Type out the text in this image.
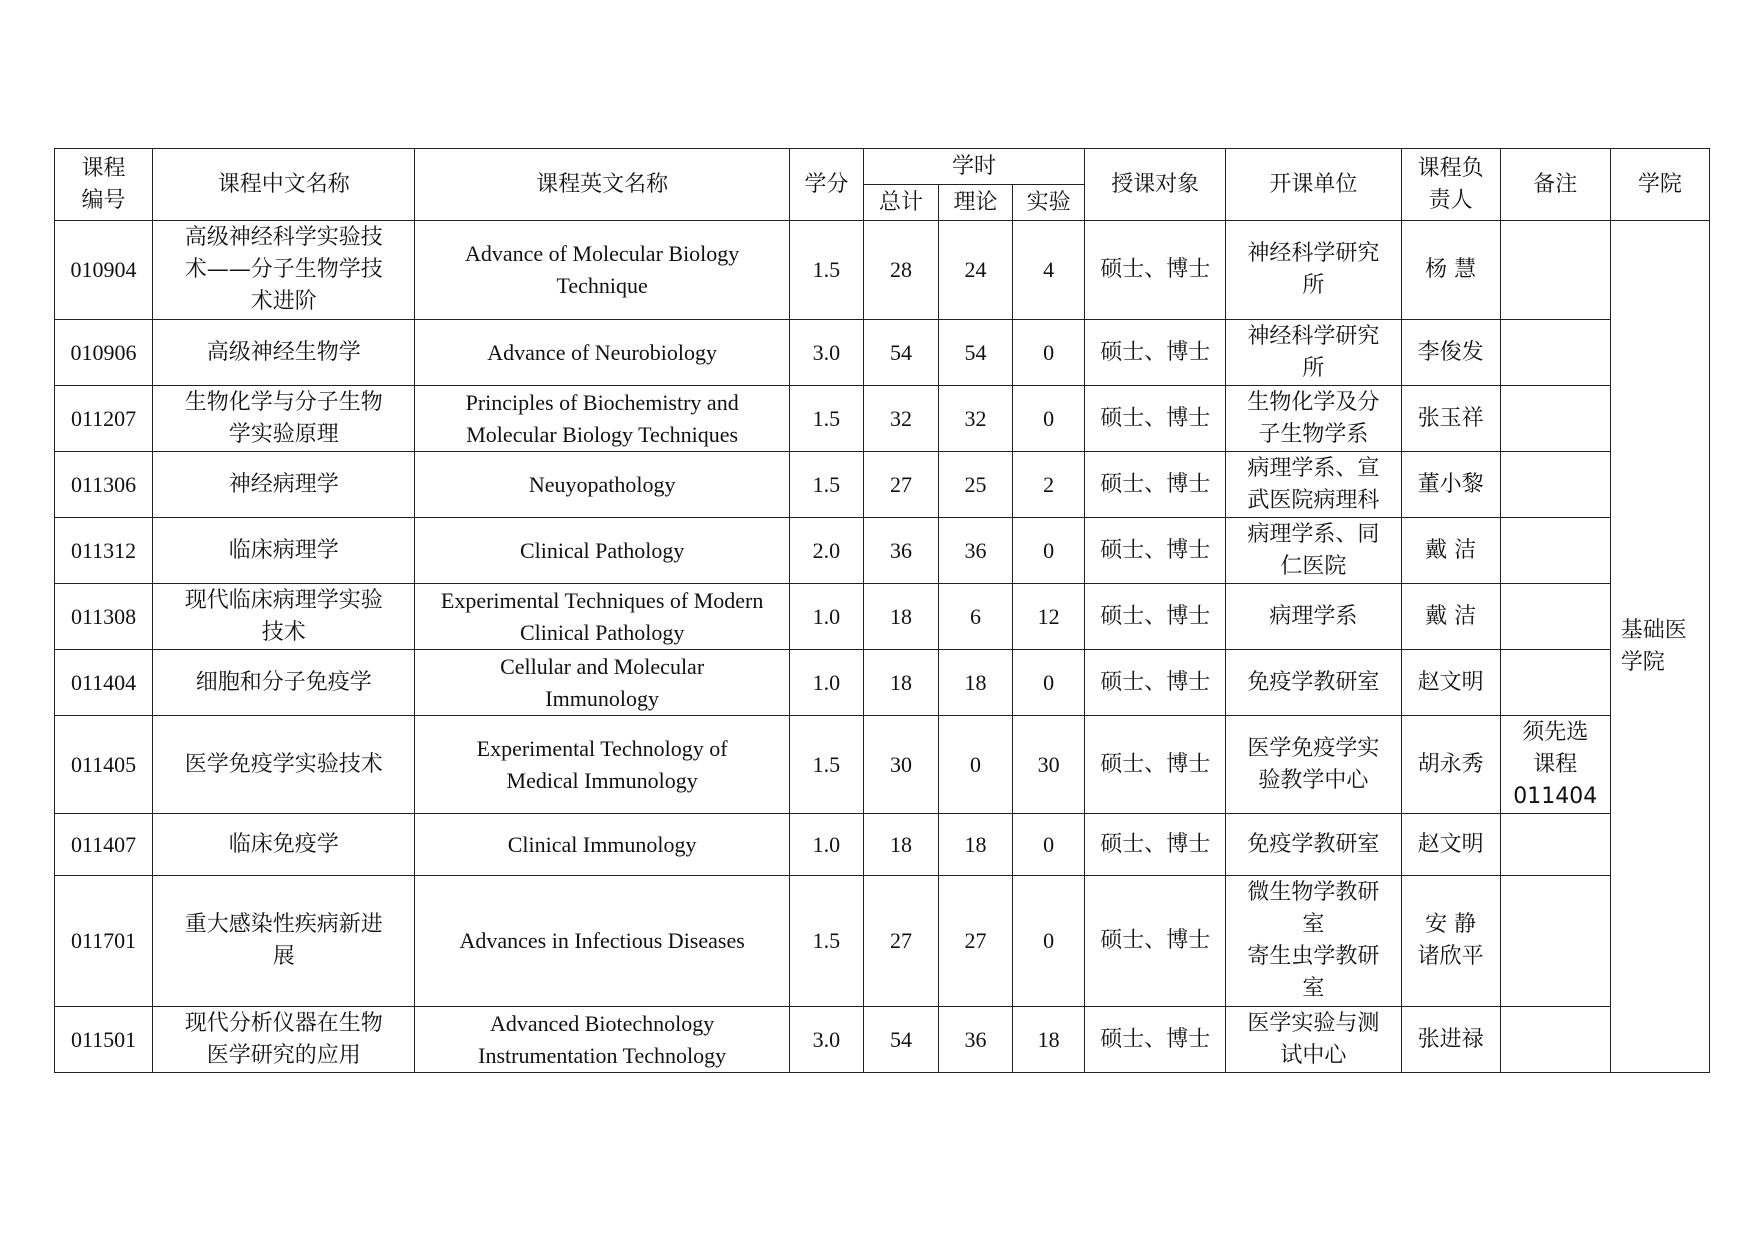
课程
编号	课程中文名称	课程英文名称	学分	学时			授课对象	开课单位	课程负
责人	备注	学院
				总计	理论	实验					
010904	高级神经科学实验技
术——分子生物学技
术进阶	Advance of Molecular Biology
Technique	1.5	28	24	4	硕士、博士	神经科学研究
所	杨 慧		基础医
学院
010906	高级神经生物学	Advance of Neurobiology	3.0	54	54	0	硕士、博士	神经科学研究
所	李俊发		
011207	生物化学与分子生物
学实验原理	Principles of Biochemistry and
Molecular Biology Techniques	1.5	32	32	0	硕士、博士	生物化学及分
子生物学系	张玉祥		
011306	神经病理学	Neuyopathology	1.5	27	25	2	硕士、博士	病理学系、宣
武医院病理科	董小黎		
011312	临床病理学	Clinical Pathology	2.0	36	36	0	硕士、博士	病理学系、同
仁医院	戴 洁		
011308	现代临床病理学实验
技术	Experimental Techniques of Modern
Clinical Pathology	1.0	18	6	12	硕士、博士	病理学系	戴 洁		
011404	细胞和分子免疫学	Cellular and Molecular
Immunology	1.0	18	18	0	硕士、博士	免疫学教研室	赵文明		
011405	医学免疫学实验技术	Experimental Technology of
Medical Immunology	1.5	30	0	30	硕士、博士	医学免疫学实
验教学中心	胡永秀	须先选
课程
011404	
011407	临床免疫学	Clinical Immunology	1.0	18	18	0	硕士、博士	免疫学教研室	赵文明		
011701	重大感染性疾病新进
展	Advances in Infectious Diseases	1.5	27	27	0	硕士、博士	微生物学教研
室
寄生虫学教研
室	安 静
诸欣平		
011501	现代分析仪器在生物
医学研究的应用	Advanced Biotechnology
Instrumentation Technology	3.0	54	36	18	硕士、博士	医学实验与测
试中心	张进禄		
